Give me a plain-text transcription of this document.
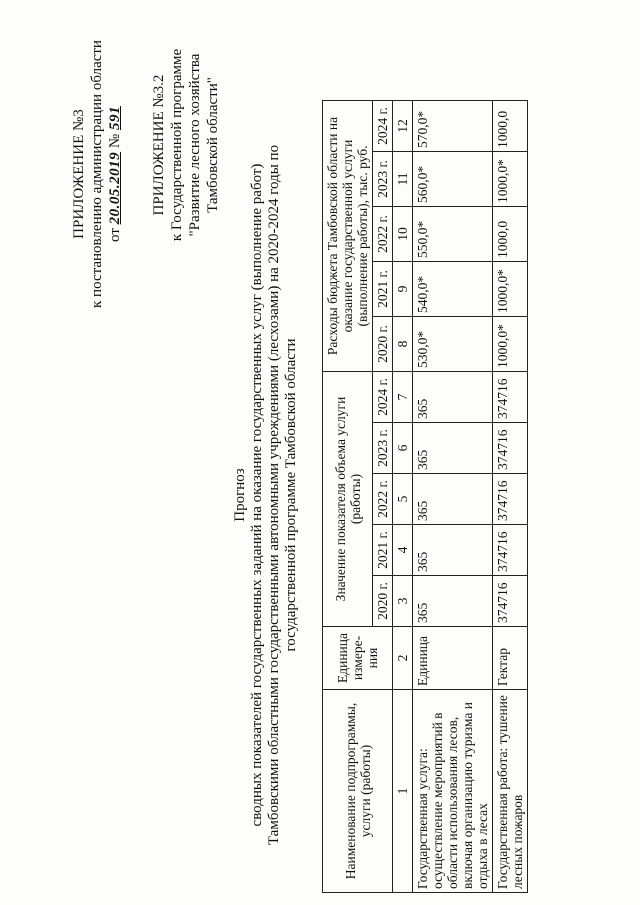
ПРИЛОЖЕНИЕ №3 к постановлению администрации области от 20.05.2019 № 591 ПРИЛОЖЕНИЕ №3.2 к Государственной программе "Развитие лесного хозяйства Тамбовской области"
Прогноз сводных показателей государственных заданий на оказание государственных услуг (выполнение работ) Тамбовскими областными государственными автономными учреждениями (лесхозами) на 2020-2024 годы по государственной программе Тамбовской области
Наименование подпрограммы, услуги (работы)	Единица измере-ния	Значение показателя объема услуги (работы)					Расходы бюджета Тамбовской области на оказание государственной услуги (выполнение работы), тыс. руб.				
		2020 г.	2021 г.	2022 г.	2023 г.	2024 г.	2020 г.	2021 г.	2022 г.	2023 г.	2024 г.
1	2	3	4	5	6	7	8	9	10	11	12
Государственная услуга: осуществление мероприятий в области использования лесов, включая организацию туризма и отдыха в лесах	Единица	365	365	365	365	365	530,0*	540,0*	550,0*	560,0*	570,0*
Государственная работа: тушение лесных пожаров	Гектар	374716	374716	374716	374716	374716	1000,0*	1000,0*	1000,0	1000,0*	1000,0
